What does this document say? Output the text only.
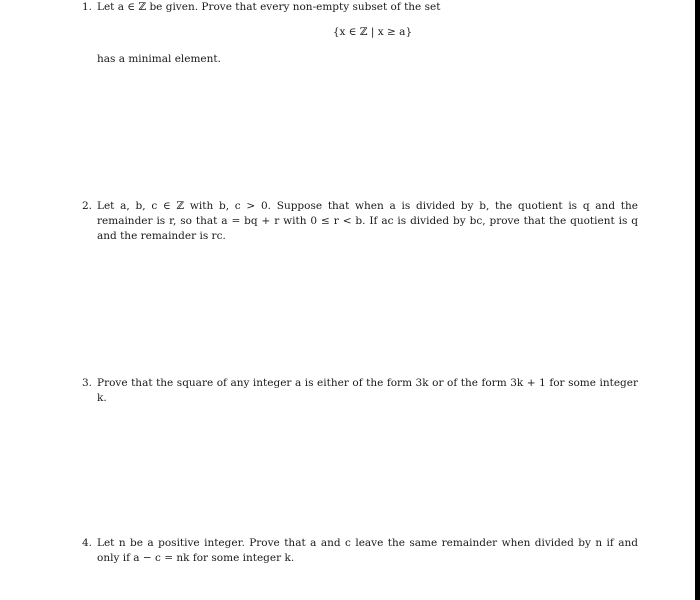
1. Let a ∈ ℤ be given. Prove that every non-empty subset of the set
{x ∈ ℤ | x ≥ a}
has a minimal element.
2. Let a, b, c ∈ ℤ with b, c > 0. Suppose that when a is divided by b, the quotient is q and the remainder is r, so that a = bq + r with 0 ≤ r < b. If ac is divided by bc, prove that the quotient is q and the remainder is rc.
3. Prove that the square of any integer a is either of the form 3k or of the form 3k + 1 for some integer k.
4. Let n be a positive integer. Prove that a and c leave the same remainder when divided by n if and only if a − c = nk for some integer k.
